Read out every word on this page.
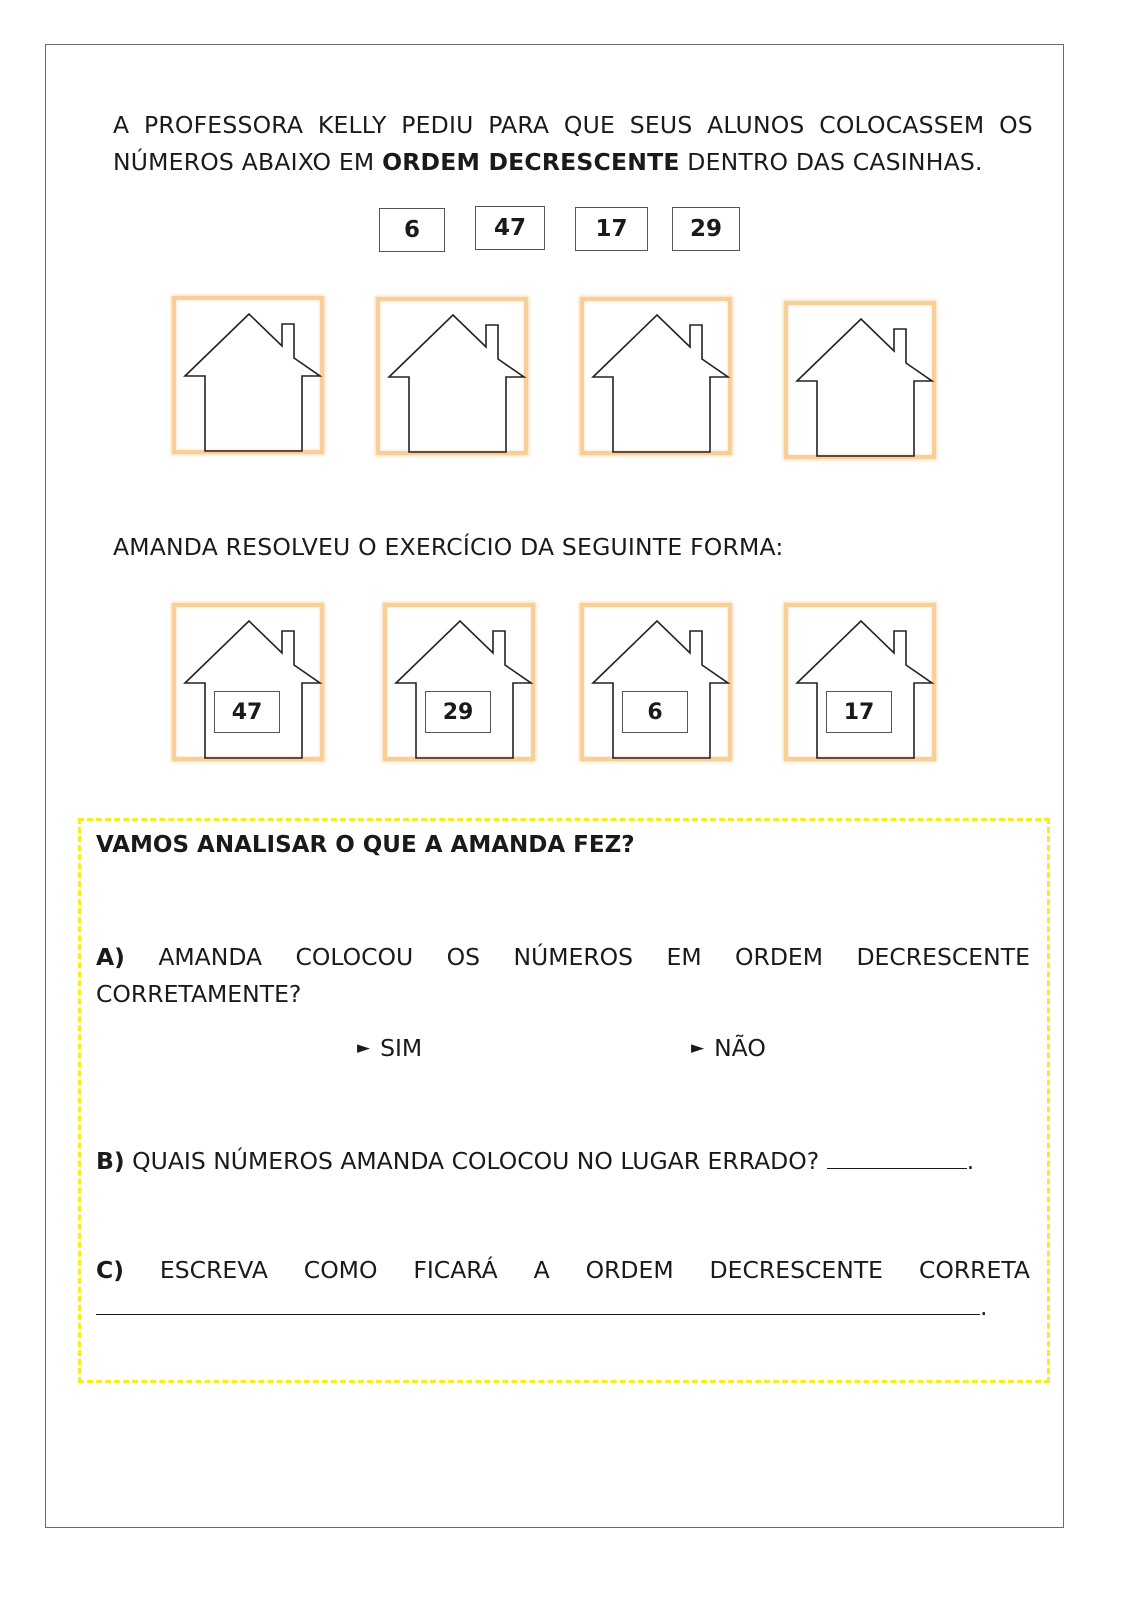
A PROFESSORA KELLY PEDIU PARA QUE SEUS ALUNOS COLOCASSEM OS
NÚMEROS ABAIXO EM ORDEM DECRESCENTE DENTRO DAS CASINHAS.
6	47	17	29
AMANDA RESOLVEU O EXERCÍCIO DA SEGUINTE FORMA:
47	29	6	17
VAMOS ANALISAR O QUE A AMANDA FEZ?
A) AMANDA COLOCOU OS NÚMEROS EM ORDEM DECRESCENTE
CORRETAMENTE?
► SIM	► NÃO
B) QUAIS NÚMEROS AMANDA COLOCOU NO LUGAR ERRADO?	.
C) ESCREVA COMO FICARÁ A ORDEM DECRESCENTE CORRETA
.
